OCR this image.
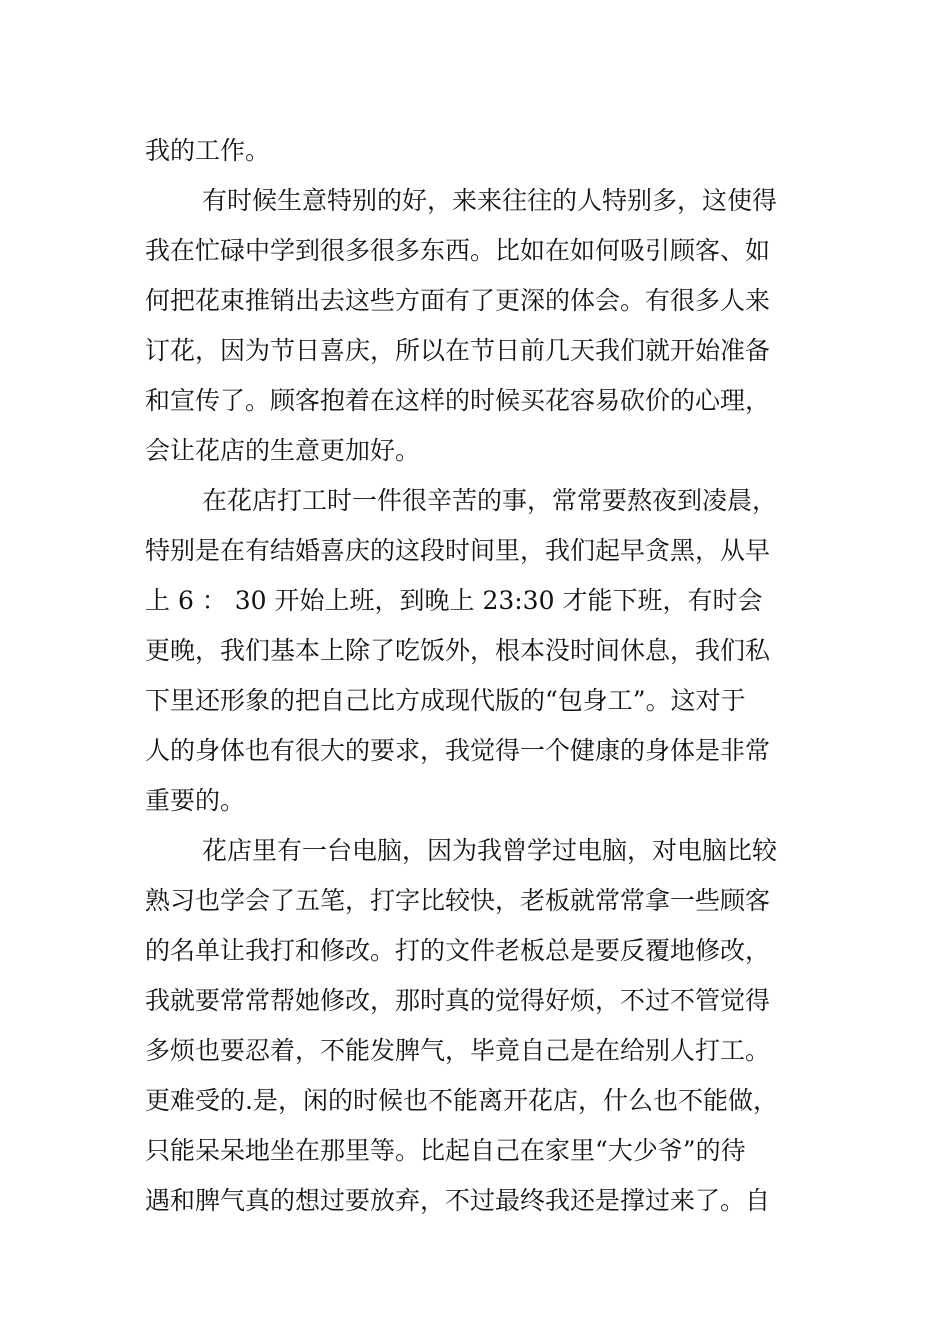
我的工作。
有时候生意特别的好，来来往往的人特别多，这使得
我在忙碌中学到很多很多东西。比如在如何吸引顾客、如
何把花束推销出去这些方面有了更深的体会。有很多人来
订花，因为节日喜庆，所以在节日前几天我们就开始准备
和宣传了。顾客抱着在这样的时候买花容易砍价的心理，
会让花店的生意更加好。
在花店打工时一件很辛苦的事，常常要熬夜到凌晨，
特别是在有结婚喜庆的这段时间里，我们起早贪黑，从早
上 6 ： 30 开始上班，到晚上 23:30 才能下班，有时会
更晚，我们基本上除了吃饭外，根本没时间休息，我们私
下里还形象的把自己比方成现代版的“包身工”。这对于
人的身体也有很大的要求，我觉得一个健康的身体是非常
重要的。
花店里有一台电脑，因为我曾学过电脑，对电脑比较
熟习也学会了五笔，打字比较快，老板就常常拿一些顾客
的名单让我打和修改。打的文件老板总是要反覆地修改，
我就要常常帮她修改，那时真的觉得好烦，不过不管觉得
多烦也要忍着，不能发脾气，毕竟自己是在给别人打工。
更难受的.是，闲的时候也不能离开花店，什么也不能做，
只能呆呆地坐在那里等。比起自己在家里“大少爷”的待
遇和脾气真的想过要放弃，不过最终我还是撑过来了。自
